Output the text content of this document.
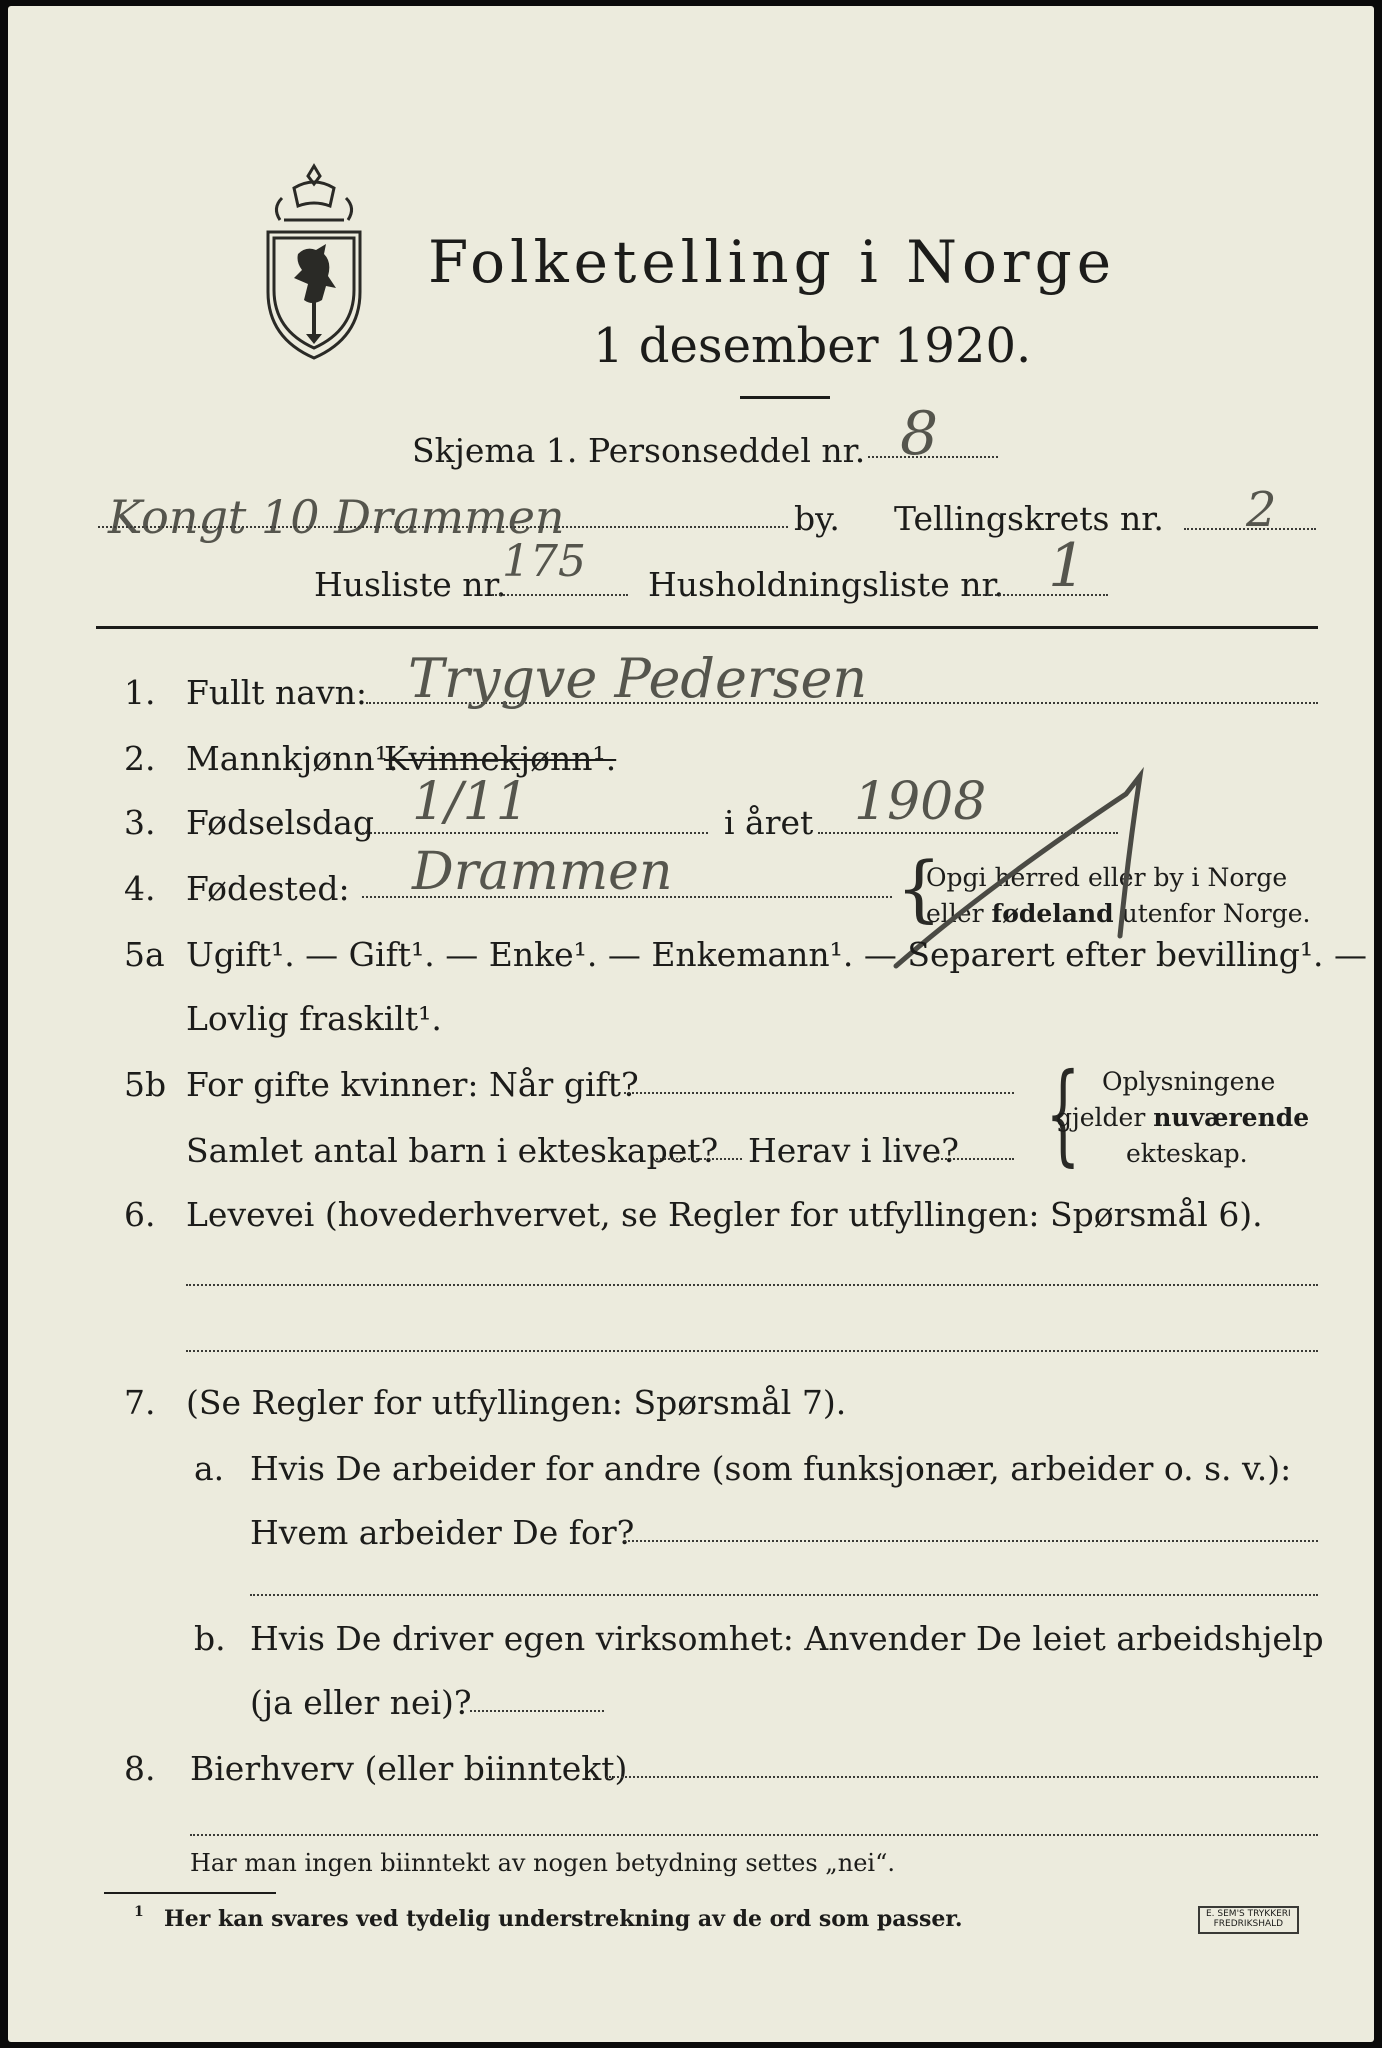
Folketelling i Norge
1 desember 1920.
Skjema 1. Personseddel nr. 8
Kongt 10 Drammen	by. Tellingskrets nr. 2
Husliste nr.
175 Husholdningsliste nr. 1
1. Fullt navn: Trygve Pedersen
2. Mannkjønn¹.
Kvinnekjønn¹.
3. Fødselsdag 1/11	i året 1908
4. Fødested: Drammen	{
Opgi herred eller by i Norge
eller fødeland utenfor Norge.
5a Ugift¹. — Gift¹. — Enke¹. — Enkemann¹. — Separert efter bevilling¹. —
Lovlig fraskilt¹.
5b For gifte kvinner: Når gift?
Samlet antal barn i ekteskapet? Herav i live? { Oplysningene
gjelder nuværende
ekteskap.
6. Levevei (hovederhvervet, se Regler for utfyllingen: Spørsmål 6).
7. (Se Regler for utfyllingen: Spørsmål 7).
a. Hvis De arbeider for andre (som funksjonær, arbeider o. s. v.):
Hvem arbeider De for?
b. Hvis De driver egen virksomhet: Anvender De leiet arbeidshjelp
(ja eller nei)?
8. Bierhverv (eller biinntekt)
Har man ingen biinntekt av nogen betydning settes „nei“.
1 Her kan svares ved tydelig understrekning av de ord som passer.	E. SEM'S TRYKKERI
FREDRIKSHALD
